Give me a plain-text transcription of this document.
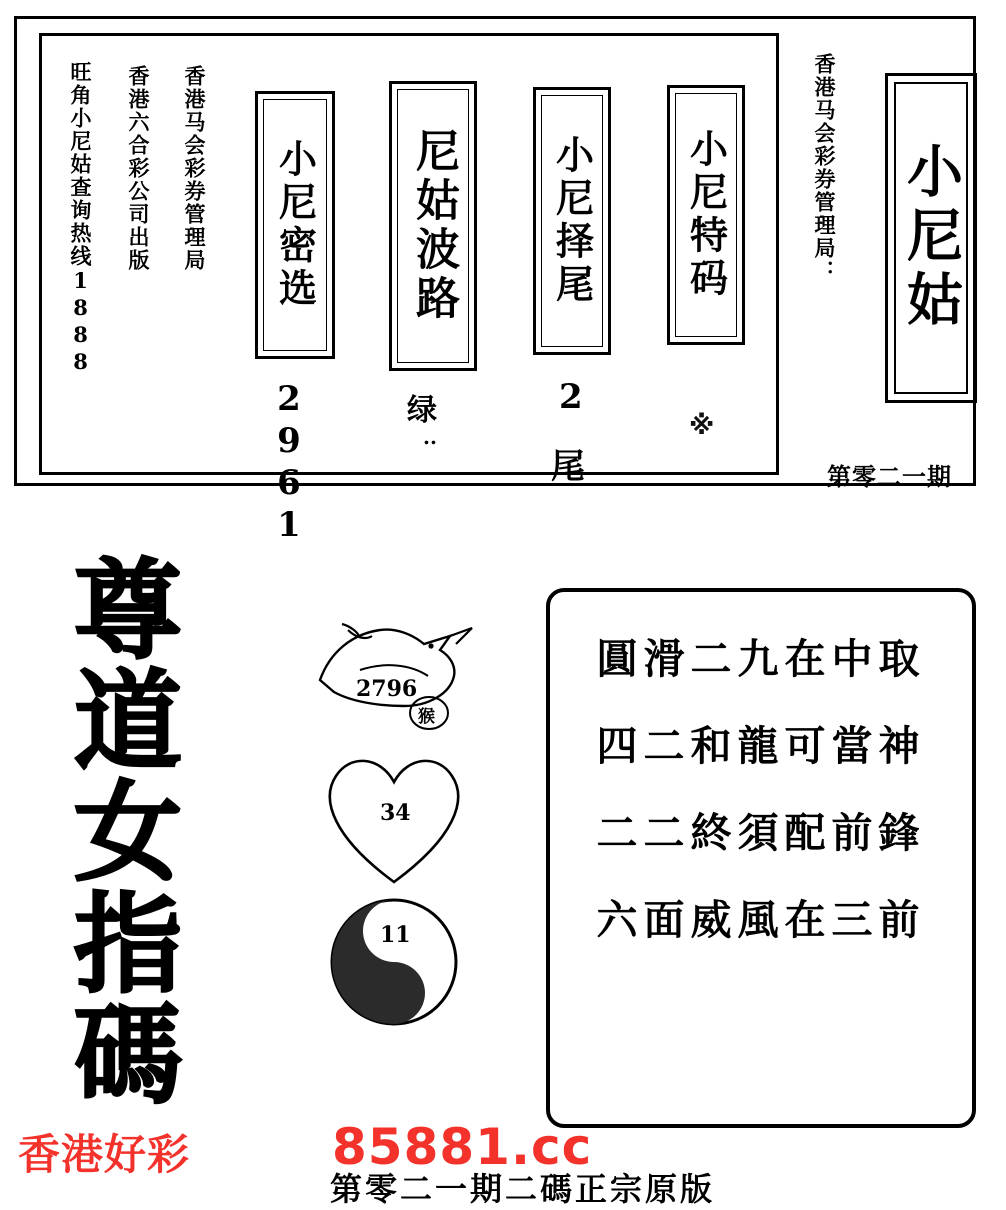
旺角小尼姑查询热线1888 香港六合彩公司出版 香港马会彩券管理局 小尼密选
2961
尼姑波路
绿
..
小尼择尾
2
尾
小尼特码
※
香港马会彩券管理局： 小尼姑
第零二一期
尊
道
女
指
碼
2796
猴
34
11
圓滑二九在中取
四二和龍可當神
二二終須配前鋒
六面威風在三前
香港好彩	85881.cc
第零二一期二碼正宗原版
